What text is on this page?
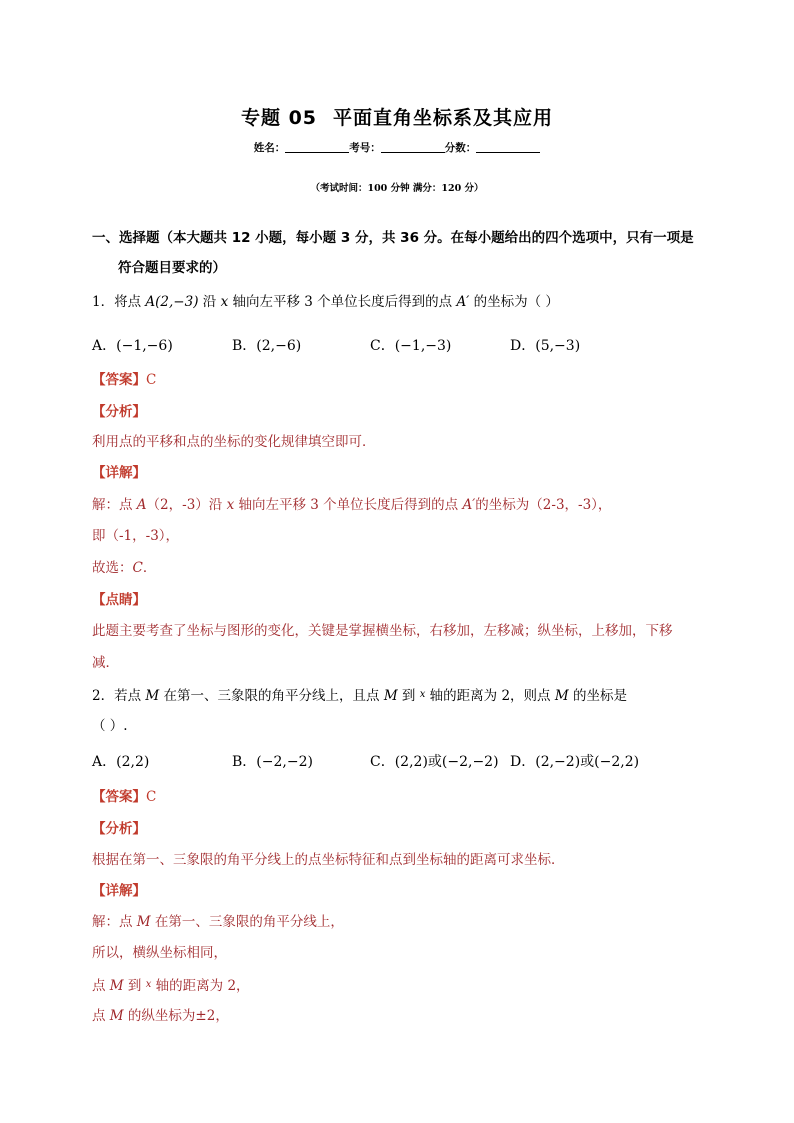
专题 05 平面直角坐标系及其应用
姓名：	考号：	分数：
（考试时间：100 分钟 满分：120 分）
一、选择题（本大题共 12 小题，每小题 3 分，共 36 分。在每小题给出的四个选项中，只有一项是
符合题目要求的）
1．将点 A(2,−3) 沿 x 轴向左平移 3 个单位长度后得到的点 A′ 的坐标为（ ）
A．(−1,−6)	B．(2,−6)	C．(−1,−3)	D．(5,−3)
【答案】C
【分析】
利用点的平移和点的坐标的变化规律填空即可．
【详解】
解：点 A（2，-3）沿 x 轴向左平移 3 个单位长度后得到的点 A′的坐标为（2-3，-3），
即（-1，-3），
故选：C．
【点睛】
此题主要考查了坐标与图形的变化，关键是掌握横坐标，右移加，左移减；纵坐标，上移加，下移
减．
2．若点 M 在第一、三象限的角平分线上，且点 M 到 $^x$ 轴的距离为 2，则点 M 的坐标是
（ ）.
A．(2,2)	B．(−2,−2)	C．(2,2)或(−2,−2) D．(2,−2)或(−2,2)
【答案】C
【分析】
根据在第一、三象限的角平分线上的点坐标特征和点到坐标轴的距离可求坐标．
【详解】
解：点 M 在第一、三象限的角平分线上，
所以，横纵坐标相同，
点 M 到 $^x$ 轴的距离为 2，
点 M 的纵坐标为±2，
